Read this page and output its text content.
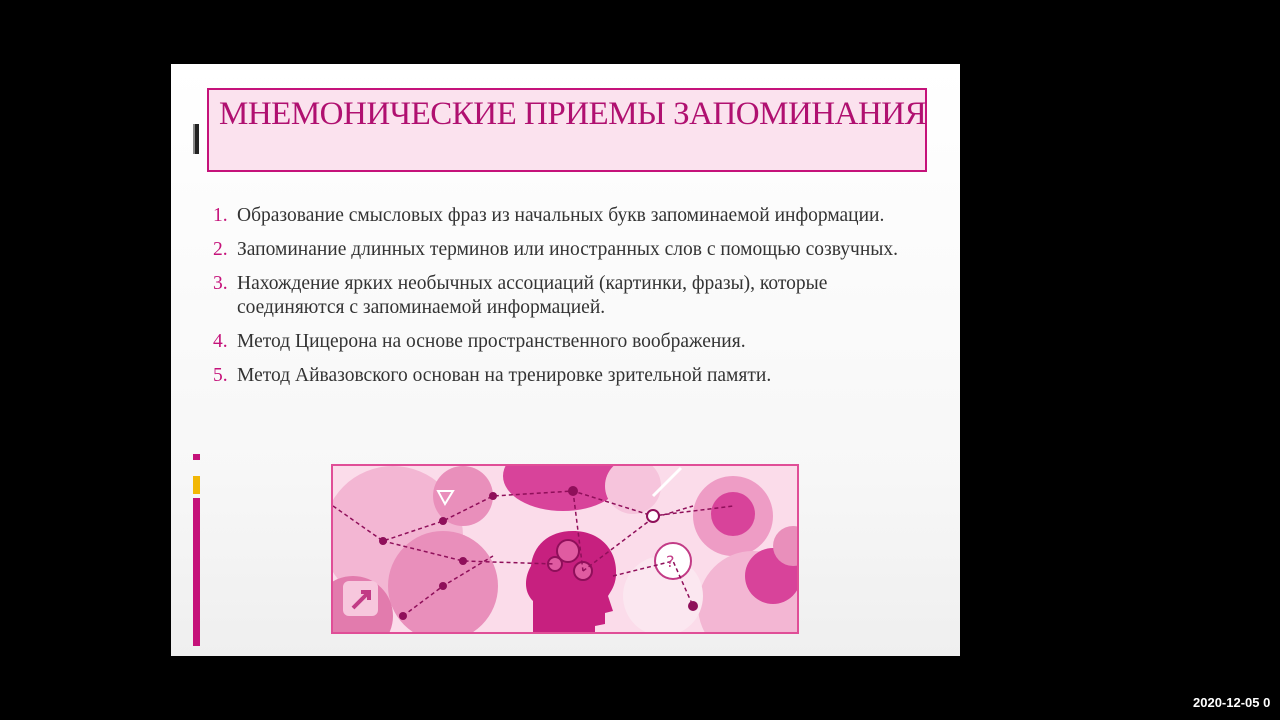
МНЕМОНИЧЕСКИЕ ПРИЕМЫ ЗАПОМИНАНИЯ
1. Образование смысловых фраз из начальных букв запоминаемой информации.
2. Запоминание длинных терминов или иностранных слов с помощью созвучных.
3. Нахождение ярких необычных ассоциаций (картинки, фразы), которые соединяются с запоминаемой информацией.
4. Метод Цицерона на основе пространственного воображения.
5. Метод Айвазовского основан на тренировке зрительной памяти.
?
2020-12-05 0
